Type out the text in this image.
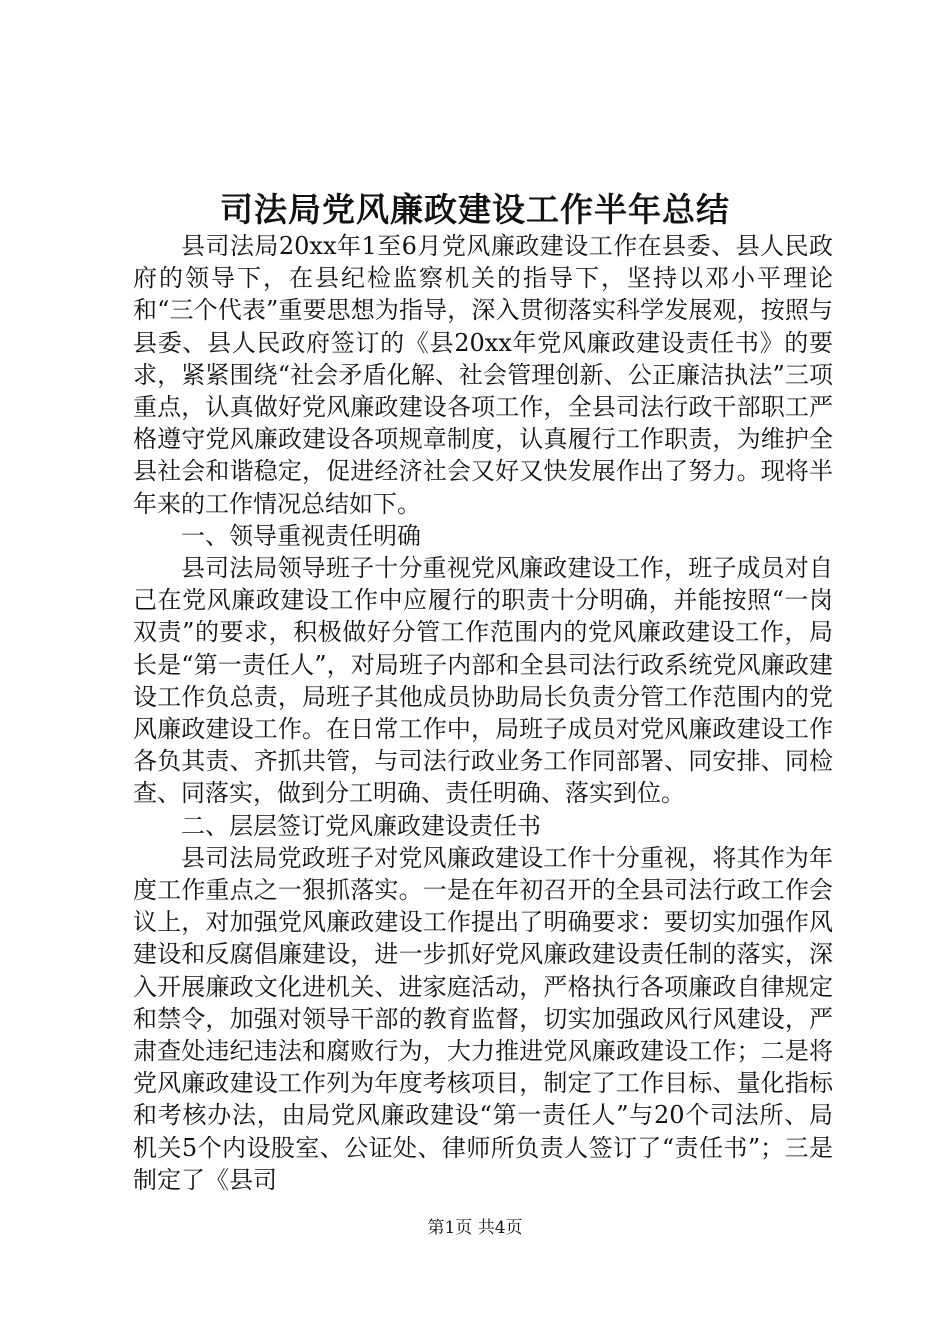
司法局党风廉政建设工作半年总结

县司法局20xx年1至6月党风廉政建设工作在县委、县人民政府的领导下，在县纪检监察机关的指导下，坚持以邓小平理论和“三个代表”重要思想为指导，深入贯彻落实科学发展观，按照与县委、县人民政府签订的《县20xx年党风廉政建设责任书》的要求，紧紧围绕“社会矛盾化解、社会管理创新、公正廉洁执法”三项重点，认真做好党风廉政建设各项工作，全县司法行政干部职工严格遵守党风廉政建设各项规章制度，认真履行工作职责，为维护全县社会和谐稳定，促进经济社会又好又快发展作出了努力。现将半年来的工作情况总结如下。

一、领导重视责任明确

县司法局领导班子十分重视党风廉政建设工作，班子成员对自己在党风廉政建设工作中应履行的职责十分明确，并能按照“一岗双责”的要求，积极做好分管工作范围内的党风廉政建设工作，局长是“第一责任人”，对局班子内部和全县司法行政系统党风廉政建设工作负总责，局班子其他成员协助局长负责分管工作范围内的党风廉政建设工作。在日常工作中，局班子成员对党风廉政建设工作各负其责、齐抓共管，与司法行政业务工作同部署、同安排、同检查、同落实，做到分工明确、责任明确、落实到位。

二、层层签订党风廉政建设责任书

县司法局党政班子对党风廉政建设工作十分重视，将其作为年度工作重点之一狠抓落实。一是在年初召开的全县司法行政工作会议上，对加强党风廉政建设工作提出了明确要求：要切实加强作风建设和反腐倡廉建设，进一步抓好党风廉政建设责任制的落实，深入开展廉政文化进机关、进家庭活动，严格执行各项廉政自律规定和禁令，加强对领导干部的教育监督，切实加强政风行风建设，严肃查处违纪违法和腐败行为，大力推进党风廉政建设工作；二是将党风廉政建设工作列为年度考核项目，制定了工作目标、量化指标和考核办法，由局党风廉政建设“第一责任人”与20个司法所、局机关5个内设股室、公证处、律师所负责人签订了“责任书”；三是制定了《县司

第1页 共4页
